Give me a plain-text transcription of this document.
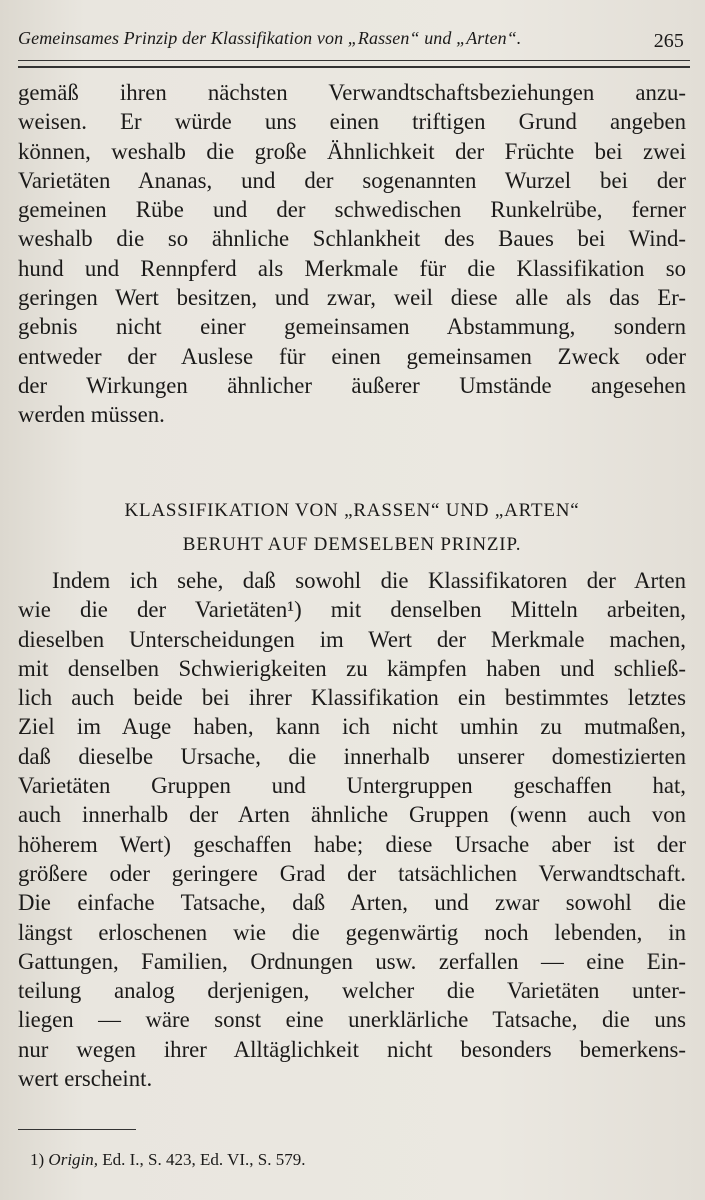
Gemeinsames Prinzip der Klassifikation von „Rassen“ und „Arten“.	265
gemäß ihren nächsten Verwandtschaftsbeziehungen anzu-
weisen. Er würde uns einen triftigen Grund angeben
können, weshalb die große Ähnlichkeit der Früchte bei zwei
Varietäten Ananas, und der sogenannten Wurzel bei der
gemeinen Rübe und der schwedischen Runkelrübe, ferner
weshalb die so ähnliche Schlankheit des Baues bei Wind-
hund und Rennpferd als Merkmale für die Klassifikation so
geringen Wert besitzen, und zwar, weil diese alle als das Er-
gebnis nicht einer gemeinsamen Abstammung, sondern
entweder der Auslese für einen gemeinsamen Zweck oder
der Wirkungen ähnlicher äußerer Umstände angesehen
werden müssen.
KLASSIFIKATION VON „RASSEN“ UND „ARTEN“
BERUHT AUF DEMSELBEN PRINZIP.
Indem ich sehe, daß sowohl die Klassifikatoren der Arten
wie die der Varietäten¹) mit denselben Mitteln arbeiten,
dieselben Unterscheidungen im Wert der Merkmale machen,
mit denselben Schwierigkeiten zu kämpfen haben und schließ-
lich auch beide bei ihrer Klassifikation ein bestimmtes letztes
Ziel im Auge haben, kann ich nicht umhin zu mutmaßen,
daß dieselbe Ursache, die innerhalb unserer domestizierten
Varietäten Gruppen und Untergruppen geschaffen hat,
auch innerhalb der Arten ähnliche Gruppen (wenn auch von
höherem Wert) geschaffen habe; diese Ursache aber ist der
größere oder geringere Grad der tatsächlichen Verwandtschaft.
Die einfache Tatsache, daß Arten, und zwar sowohl die
längst erloschenen wie die gegenwärtig noch lebenden, in
Gattungen, Familien, Ordnungen usw. zerfallen — eine Ein-
teilung analog derjenigen, welcher die Varietäten unter-
liegen — wäre sonst eine unerklärliche Tatsache, die uns
nur wegen ihrer Alltäglichkeit nicht besonders bemerkens-
wert erscheint.
1) Origin, Ed. I., S. 423, Ed. VI., S. 579.
